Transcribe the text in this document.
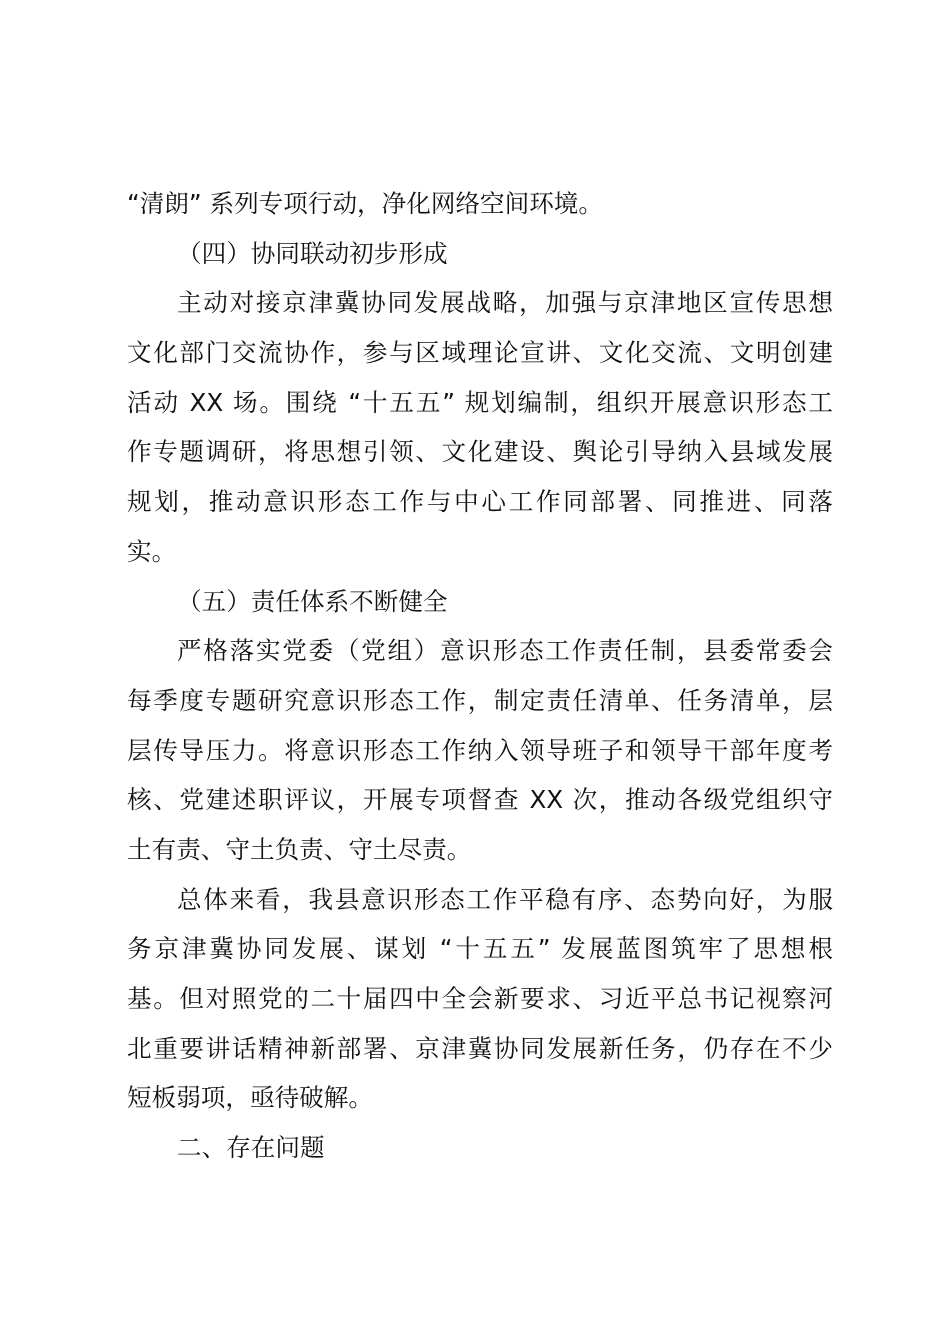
“清朗” 系列专项行动，净化网络空间环境。
（四）协同联动初步形成
主动对接京津冀协同发展战略，加强与京津地区宣传思想
文化部门交流协作，参与区域理论宣讲、文化交流、文明创建
活动 XX 场。围绕 “十五五” 规划编制，组织开展意识形态工
作专题调研，将思想引领、文化建设、舆论引导纳入县域发展
规划，推动意识形态工作与中心工作同部署、同推进、同落
实。
（五）责任体系不断健全
严格落实党委（党组）意识形态工作责任制，县委常委会
每季度专题研究意识形态工作，制定责任清单、任务清单，层
层传导压力。将意识形态工作纳入领导班子和领导干部年度考
核、党建述职评议，开展专项督查 XX 次，推动各级党组织守
土有责、守土负责、守土尽责。
总体来看，我县意识形态工作平稳有序、态势向好，为服
务京津冀协同发展、谋划 “十五五” 发展蓝图筑牢了思想根
基。但对照党的二十届四中全会新要求、习近平总书记视察河
北重要讲话精神新部署、京津冀协同发展新任务，仍存在不少
短板弱项，亟待破解。
二、存在问题
